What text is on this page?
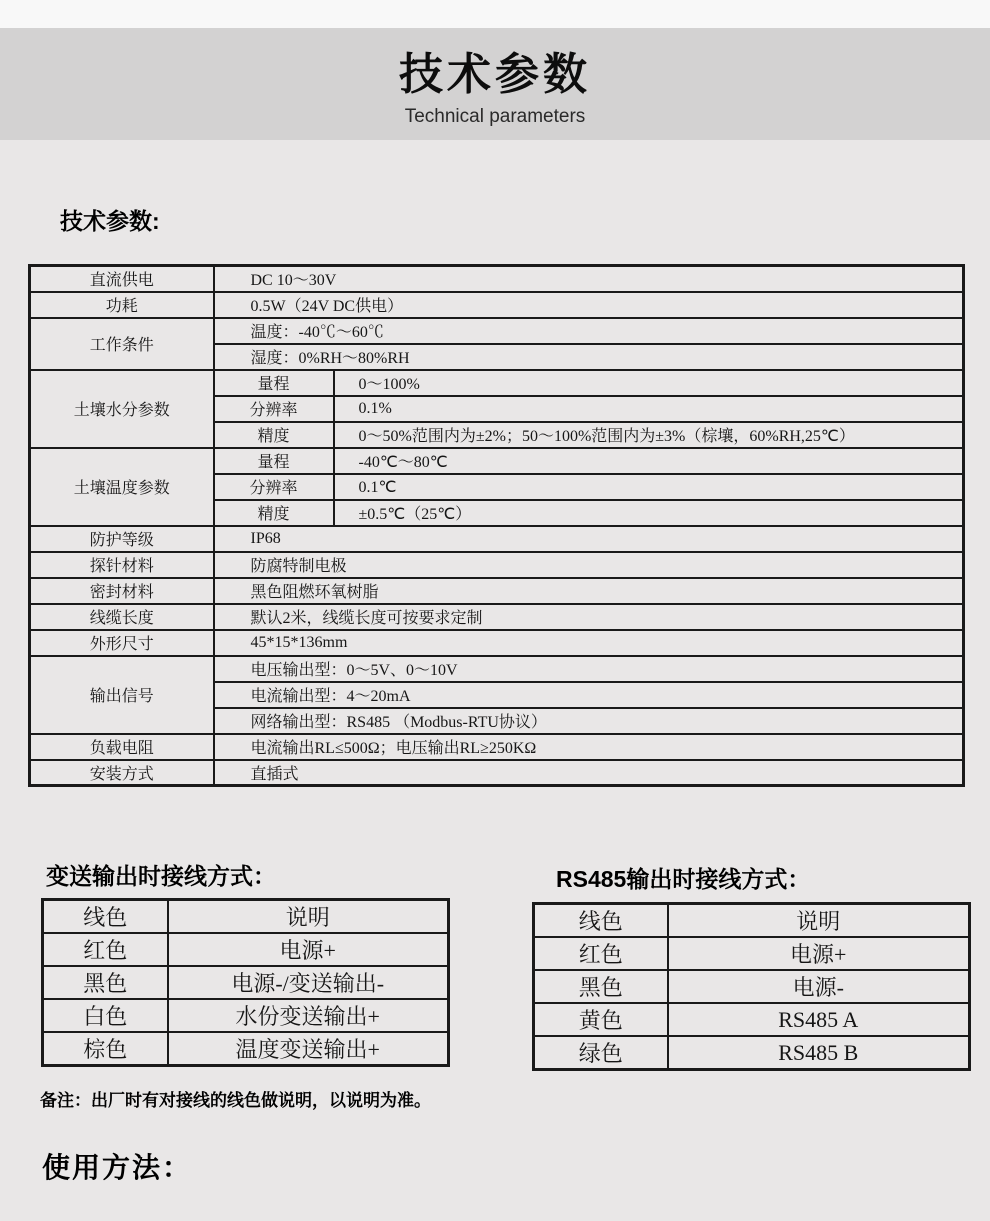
技术参数
Technical parameters
技术参数:
直流供电	DC 10～30V	
功耗	0.5W（24V DC供电）	
工作条件	温度：-40℃～60℃	
	湿度：0%RH～80%RH	
土壤水分参数	量程	0～100%
	分辨率	0.1%
	精度	0～50%范围内为±2%；50～100%范围内为±3%（棕壤，60%RH,25℃）
土壤温度参数	量程	-40℃～80℃
	分辨率	0.1℃
	精度	±0.5℃（25℃）
防护等级	IP68	
探针材料	防腐特制电极	
密封材料	黑色阻燃环氧树脂	
线缆长度	默认2米，线缆长度可按要求定制	
外形尺寸	45*15*136mm	
输出信号	电压输出型：0～5V、0～10V	
	电流输出型：4～20mA	
	网络输出型：RS485 （Modbus-RTU协议）	
负载电阻	电流输出RL≤500Ω；电压输出RL≥250KΩ	
安装方式	直插式	
变送输出时接线方式：
线色	说明
红色	电源+
黑色	电源-/变送输出-
白色	水份变送输出+
棕色	温度变送输出+
RS485输出时接线方式：
线色	说明
红色	电源+
黑色	电源-
黄色	RS485 A
绿色	RS485 B
备注：出厂时有对接线的线色做说明，以说明为准。
使用方法：
